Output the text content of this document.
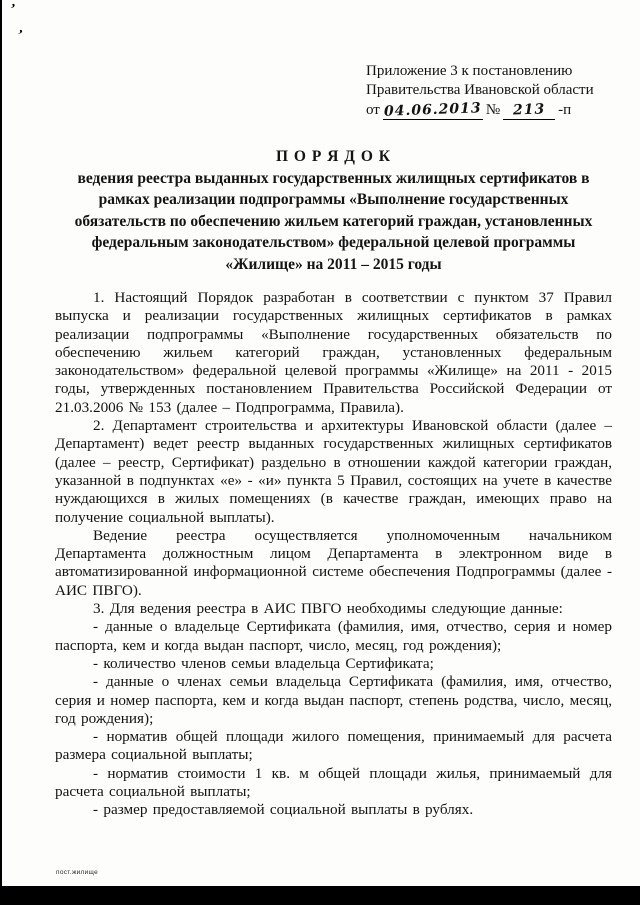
’
’
Приложение 3 к постановлению
Правительства Ивановской области
от 04.06.2013 № 213 -п
П О Р Я Д О К
ведения реестра выданных государственных жилищных сертификатов в рамках реализации подпрограммы «Выполнение государственных обязательств по обеспечению жильем категорий граждан, установленных федеральным законодательством» федеральной целевой программы «Жилище» на 2011 – 2015 годы

1. Настоящий Порядок разработан в соответствии с пунктом 37 Правил выпуска и реализации государственных жилищных сертификатов в рамках реализации подпрограммы «Выполнение государственных обязательств по обеспечению жильем категорий граждан, установленных федеральным законодательством» федеральной целевой программы «Жилище» на 2011 - 2015 годы, утвержденных постановлением Правительства Российской Федерации от 21.03.2006 № 153 (далее – Подпрограмма, Правила).

2. Департамент строительства и архитектуры Ивановской области (далее – Департамент) ведет реестр выданных государственных жилищных сертификатов (далее – реестр, Сертификат) раздельно в отношении каждой категории граждан, указанной в подпунктах «е» - «и» пункта 5 Правил, состоящих на учете в качестве нуждающихся в жилых помещениях (в качестве граждан, имеющих право на получение социальной выплаты).

Ведение реестра осуществляется уполномоченным начальником Департамента должностным лицом Департамента в электронном виде в автоматизированной информационной системе обеспечения Подпрограммы (далее - АИС ПВГО).

3. Для ведения реестра в АИС ПВГО необходимы следующие данные:

- данные о владельце Сертификата (фамилия, имя, отчество, серия и номер паспорта, кем и когда выдан паспорт, число, месяц, год рождения);

- количество членов семьи владельца Сертификата;

- данные о членах семьи владельца Сертификата (фамилия, имя, отчество, серия и номер паспорта, кем и когда выдан паспорт, степень родства, число, месяц, год рождения);

- норматив общей площади жилого помещения, принимаемый для расчета размера социальной выплаты;

- норматив стоимости 1 кв. м общей площади жилья, принимаемый для расчета социальной выплаты;

- размер предоставляемой социальной выплаты в рублях.

пост.жилище
